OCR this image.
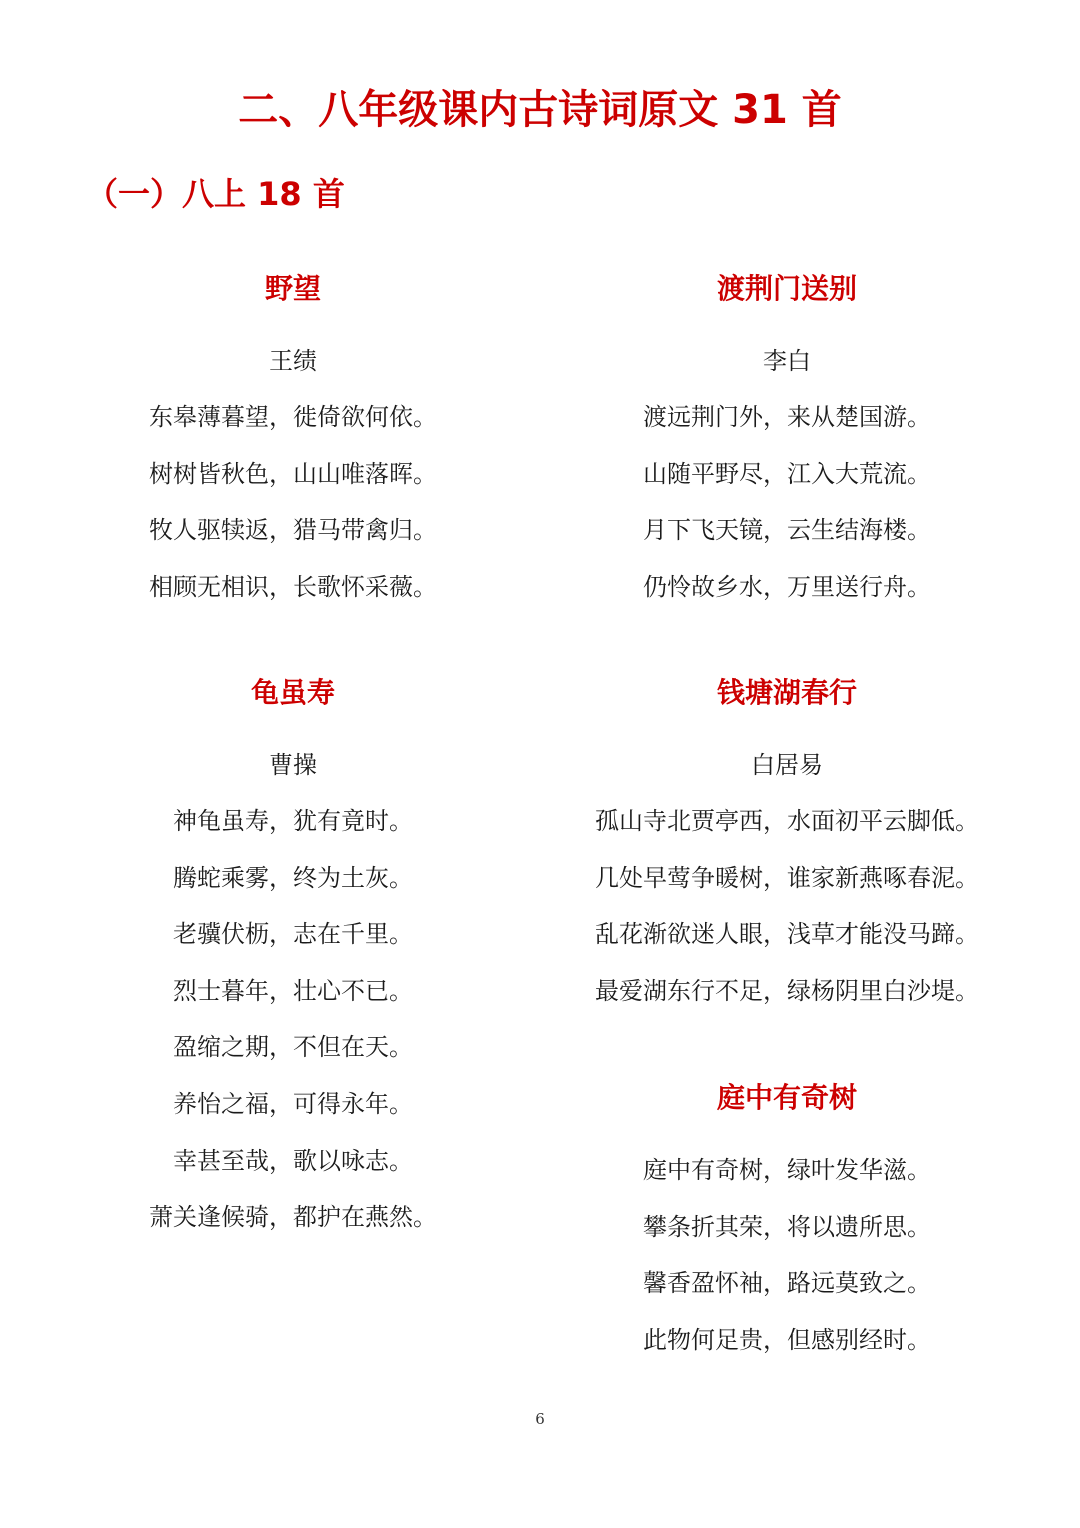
二、八年级课内古诗词原文 31 首
（一）八上 18 首
野望
王绩
东皋薄暮望，徙倚欲何依。
树树皆秋色，山山唯落晖。
牧人驱犊返，猎马带禽归。
相顾无相识，长歌怀采薇。
龟虽寿
曹操
神龟虽寿，犹有竟时。
腾蛇乘雾，终为土灰。
老骥伏枥，志在千里。
烈士暮年，壮心不已。
盈缩之期，不但在天。
养怡之福，可得永年。
幸甚至哉，歌以咏志。
萧关逢候骑，都护在燕然。
渡荆门送别
李白
渡远荆门外，来从楚国游。
山随平野尽，江入大荒流。
月下飞天镜，云生结海楼。
仍怜故乡水，万里送行舟。
钱塘湖春行
白居易
孤山寺北贾亭西，水面初平云脚低。
几处早莺争暖树，谁家新燕啄春泥。
乱花渐欲迷人眼，浅草才能没马蹄。
最爱湖东行不足，绿杨阴里白沙堤。
庭中有奇树
庭中有奇树，绿叶发华滋。
攀条折其荣，将以遗所思。
馨香盈怀袖，路远莫致之。
此物何足贵，但感别经时。
6
